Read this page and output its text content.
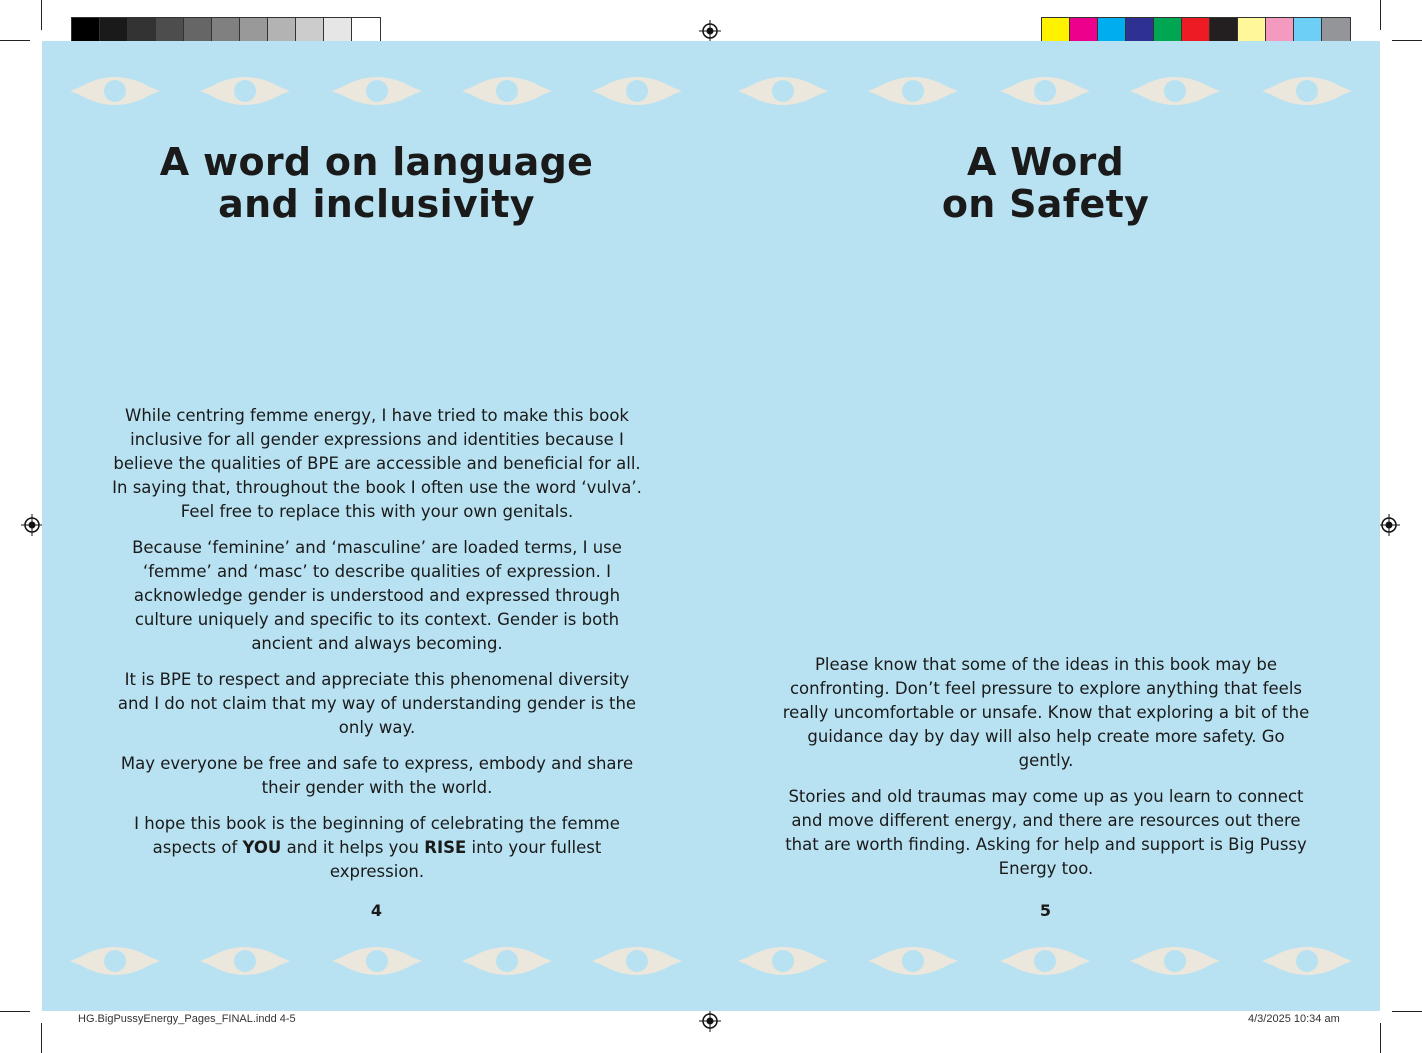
A word on language
and inclusivity

While centring femme energy, I have tried to make this book inclusive for all gender expressions and identities because I believe the qualities of BPE are accessible and beneficial for all. In saying that, throughout the book I often use the word ‘vulva’. Feel free to replace this with your own genitals.

Because ‘feminine’ and ‘masculine’ are loaded terms, I use ‘femme’ and ‘masc’ to describe qualities of expression. I acknowledge gender is understood and expressed through culture uniquely and specific to its context. Gender is both ancient and always becoming.

It is BPE to respect and appreciate this phenomenal diversity and I do not claim that my way of understanding gender is the only way.

May everyone be free and safe to express, embody and share their gender with the world.

I hope this book is the beginning of celebrating the femme aspects of YOU and it helps you RISE into your fullest expression.

4
A Word
on Safety

Please know that some of the ideas in this book may be confronting. Don’t feel pressure to explore anything that feels really uncomfortable or unsafe. Know that exploring a bit of the guidance day by day will also help create more safety. Go gently.

Stories and old traumas may come up as you learn to connect and move different energy, and there are resources out there that are worth finding. Asking for help and support is Big Pussy Energy too.

5
HG.BigPussyEnergy_Pages_FINAL.indd 4-5	4/3/2025 10:34 am
